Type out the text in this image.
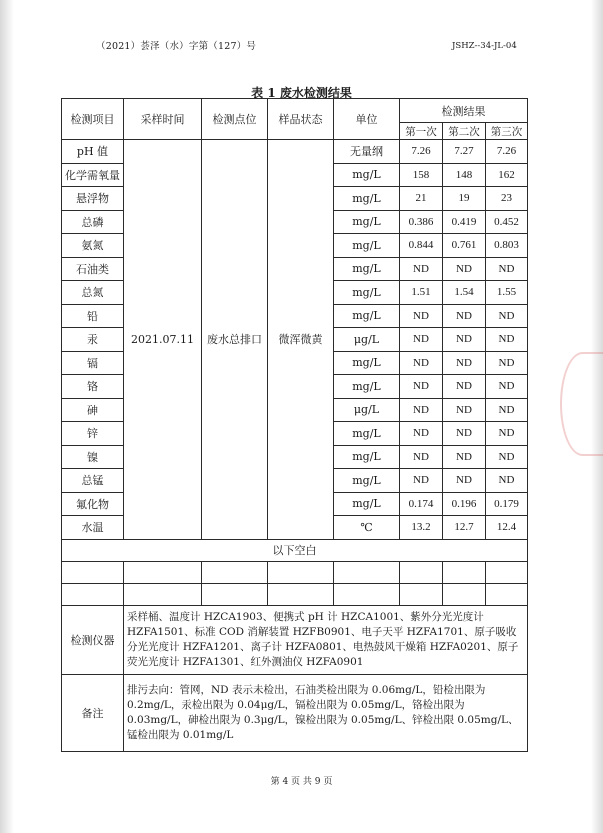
（2021）荟泽（水）字第（127）号	JSHZ--34-JL-04
表 1 废水检测结果
检测项目	采样时间	检测点位	样品状态	单位	检测结果		
					第一次	第二次	第三次
pH 值	2021.07.11	废水总排口	微浑微黄	无量纲	7.26	7.27	7.26
化学需氧量				mg/L	158	148	162
悬浮物				mg/L	21	19	23
总磷				mg/L	0.386	0.419	0.452
氨氮				mg/L	0.844	0.761	0.803
石油类				mg/L	ND	ND	ND
总氮				mg/L	1.51	1.54	1.55
铅				mg/L	ND	ND	ND
汞				μg/L	ND	ND	ND
镉				mg/L	ND	ND	ND
铬				mg/L	ND	ND	ND
砷				μg/L	ND	ND	ND
锌				mg/L	ND	ND	ND
镍				mg/L	ND	ND	ND
总锰				mg/L	ND	ND	ND
氟化物				mg/L	0.174	0.196	0.179
水温				℃	13.2	12.7	12.4
以下空白							

检测仪器	采样桶、温度计 HZCA1903、便携式 pH 计 HZCA1001、紫外分光光度计 HZFA1501、标准 COD 消解装置 HZFB0901、电子天平 HZFA1701、原子吸收分光光度计 HZFA1201、离子计 HZFA0801、电热鼓风干燥箱 HZFA0201、原子荧光光度计 HZFA1301、红外测油仪 HZFA0901						
备注	排污去向：管网，ND 表示未检出，石油类检出限为 0.06mg/L，铅检出限为 0.2mg/L，汞检出限为 0.04μg/L，镉检出限为 0.05mg/L，铬检出限为 0.03mg/L，砷检出限为 0.3μg/L，镍检出限为 0.05mg/L、锌检出限 0.05mg/L、锰检出限为 0.01mg/L						
第 4 页 共 9 页
